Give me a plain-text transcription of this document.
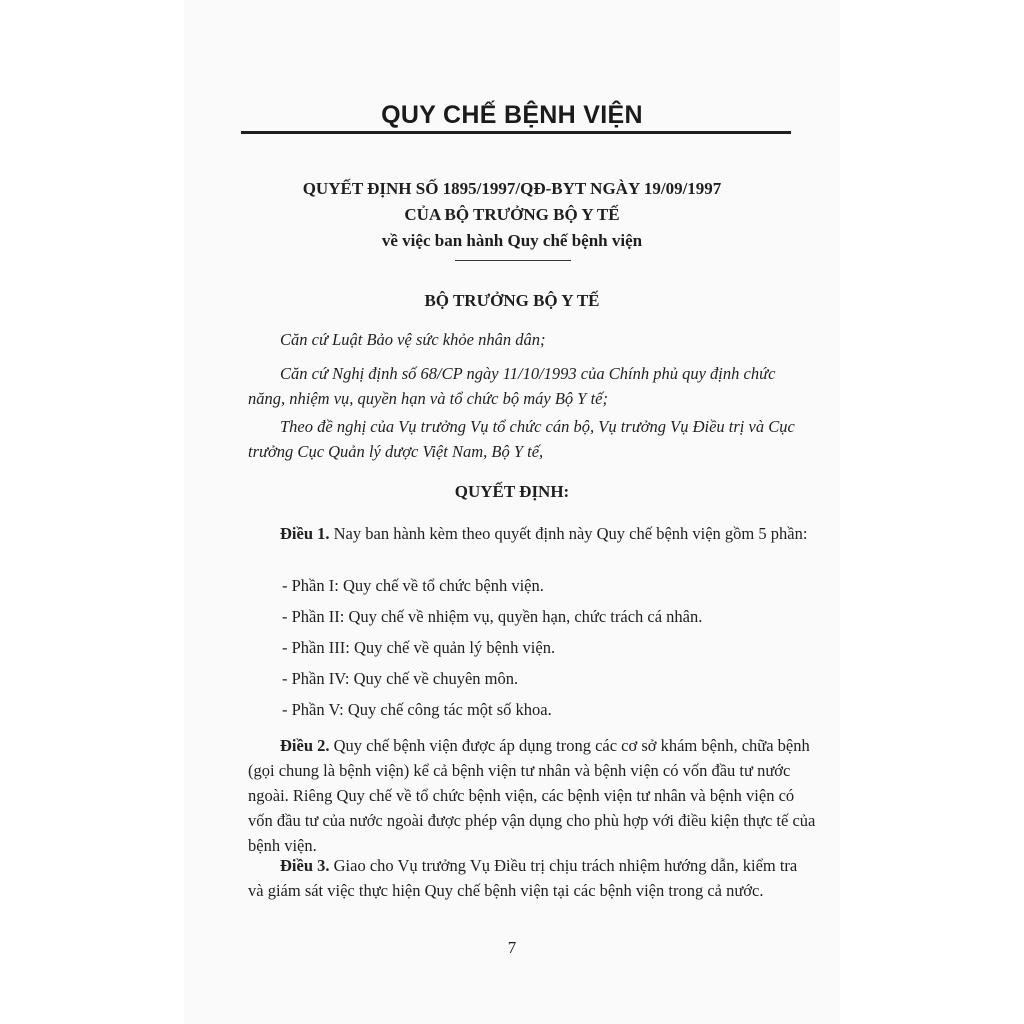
QUY CHẾ BỆNH VIỆN
QUYẾT ĐỊNH SỐ 1895/1997/QĐ-BYT NGÀY 19/09/1997
CỦA BỘ TRƯỞNG BỘ Y TẾ
về việc ban hành Quy chế bệnh viện
BỘ TRƯỞNG BỘ Y TẾ
Căn cứ Luật Bảo vệ sức khỏe nhân dân;
Căn cứ Nghị định số 68/CP ngày 11/10/1993 của Chính phủ quy định chức năng, nhiệm vụ, quyền hạn và tổ chức bộ máy Bộ Y tế;
Theo đề nghị của Vụ trưởng Vụ tổ chức cán bộ, Vụ trưởng Vụ Điều trị và Cục trưởng Cục Quản lý dược Việt Nam, Bộ Y tế,
QUYẾT ĐỊNH:
Điều 1. Nay ban hành kèm theo quyết định này Quy chế bệnh viện gồm 5 phần:
- Phần I: Quy chế về tổ chức bệnh viện.
- Phần II: Quy chế về nhiệm vụ, quyền hạn, chức trách cá nhân.
- Phần III: Quy chế về quản lý bệnh viện.
- Phần IV: Quy chế về chuyên môn.
- Phần V: Quy chế công tác một số khoa.
Điều 2. Quy chế bệnh viện được áp dụng trong các cơ sở khám bệnh, chữa bệnh (gọi chung là bệnh viện) kể cả bệnh viện tư nhân và bệnh viện có vốn đầu tư nước ngoài. Riêng Quy chế về tổ chức bệnh viện, các bệnh viện tư nhân và bệnh viện có vốn đầu tư của nước ngoài được phép vận dụng cho phù hợp với điều kiện thực tế của bệnh viện.
Điều 3. Giao cho Vụ trưởng Vụ Điều trị chịu trách nhiệm hướng dẫn, kiểm tra và giám sát việc thực hiện Quy chế bệnh viện tại các bệnh viện trong cả nước.
7
